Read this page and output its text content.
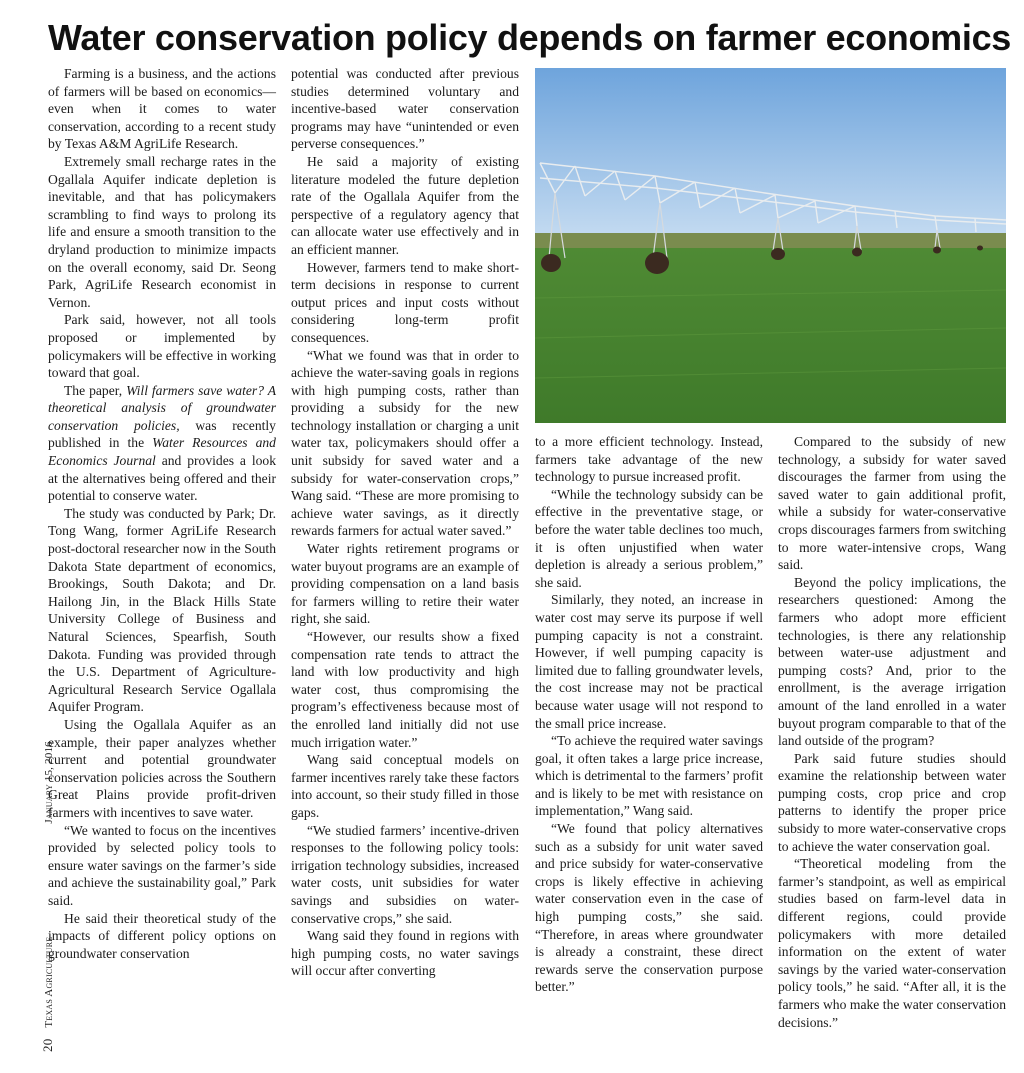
Water conservation policy depends on farmer economics

Farming is a business, and the actions of farmers will be based on economics—even when it comes to water conservation, according to a recent study by Texas A&M AgriLife Research.

Extremely small recharge rates in the Ogallala Aquifer indicate depletion is inevitable, and that has policymakers scrambling to find ways to prolong its life and ensure a smooth transition to the dryland production to minimize impacts on the overall economy, said Dr. Seong Park, AgriLife Research economist in Vernon.

Park said, however, not all tools proposed or implemented by policymakers will be effective in working toward that goal.

The paper, Will farmers save water? A theoretical analysis of groundwater conservation policies, was recently published in the Water Resources and Economics Journal and provides a look at the alternatives being offered and their potential to conserve water.

The study was conducted by Park; Dr. Tong Wang, former AgriLife Research post-doctoral researcher now in the South Dakota State department of economics, Brookings, South Dakota; and Dr. Hailong Jin, in the Black Hills State University College of Business and Natural Sciences, Spearfish, South Dakota. Funding was provided through the U.S. Department of Agriculture-Agricultural Research Service Ogallala Aquifer Program.

Using the Ogallala Aquifer as an example, their paper analyzes whether current and potential groundwater conservation policies across the Southern Great Plains provide profit-driven farmers with incentives to save water.

“We wanted to focus on the incentives provided by selected policy tools to ensure water savings on the farmer’s side and achieve the sustainability goal,” Park said.

He said their theoretical study of the impacts of different policy options on groundwater conservation

potential was conducted after previous studies determined voluntary and incentive-based water conservation programs may have “unintended or even perverse consequences.”

He said a majority of existing literature modeled the future depletion rate of the Ogallala Aquifer from the perspective of a regulatory agency that can allocate water use effectively and in an efficient manner.

However, farmers tend to make short-term decisions in response to current output prices and input costs without considering long-term profit consequences.

“What we found was that in order to achieve the water-saving goals in regions with high pumping costs, rather than providing a subsidy for the new technology installation or charging a unit water tax, policymakers should offer a unit subsidy for saved water and a subsidy for water-conservation crops,” Wang said. “These are more promising to achieve water savings, as it directly rewards farmers for actual water saved.”

Water rights retirement programs or water buyout programs are an example of providing compensation on a land basis for farmers willing to retire their water right, she said.

“However, our results show a fixed compensation rate tends to attract the land with low productivity and high water cost, thus compromising the program’s effectiveness because most of the enrolled land initially did not use much irrigation water.”

Wang said conceptual models on farmer incentives rarely take these factors into account, so their study filled in those gaps.

“We studied farmers’ incentive-driven responses to the following policy tools: irrigation technology subsidies, increased water costs, unit subsidies for water savings and subsidies on water-conservative crops,” she said.

Wang said they found in regions with high pumping costs, no water savings will occur after converting

to a more efficient technology. Instead, farmers take advantage of the new technology to pursue increased profit.

“While the technology subsidy can be effective in the preventative stage, or before the water table declines too much, it is often unjustified when water depletion is already a serious problem,” she said.

Similarly, they noted, an increase in water cost may serve its purpose if well pumping capacity is not a constraint. However, if well pumping capacity is limited due to falling groundwater levels, the cost increase may not be practical because water usage will not respond to the small price increase.

“To achieve the required water savings goal, it often takes a large price increase, which is detrimental to the farmers’ profit and is likely to be met with resistance on implementation,” Wang said.

“We found that policy alternatives such as a subsidy for unit water saved and price subsidy for water-conservative crops is likely effective in achieving water conservation even in the case of high pumping costs,” she said. “Therefore, in areas where groundwater is already a constraint, these direct rewards serve the conservation purpose better.”

Compared to the subsidy of new technology, a subsidy for water saved discourages the farmer from using the saved water to gain additional profit, while a subsidy for water-conservative crops discourages farmers from switching to more water-intensive crops, Wang said.

Beyond the policy implications, the researchers questioned: Among the farmers who adopt more efficient technologies, is there any relationship between water-use adjustment and pumping costs? And, prior to the enrollment, is the average irrigation amount of the land enrolled in a water buyout program comparable to that of the land outside of the program?

Park said future studies should examine the relationship between water pumping costs, crop price and crop patterns to identify the proper price subsidy to more water-conservative crops to achieve the water conservation goal.

“Theoretical modeling from the farmer’s standpoint, as well as empirical studies based on farm-level data in different regions, could provide policymakers with more detailed information on the extent of water savings by the varied water-conservation policy tools,” he said. “After all, it is the farmers who make the water conservation decisions.”

20 Texas Agriculture January 15, 2016
